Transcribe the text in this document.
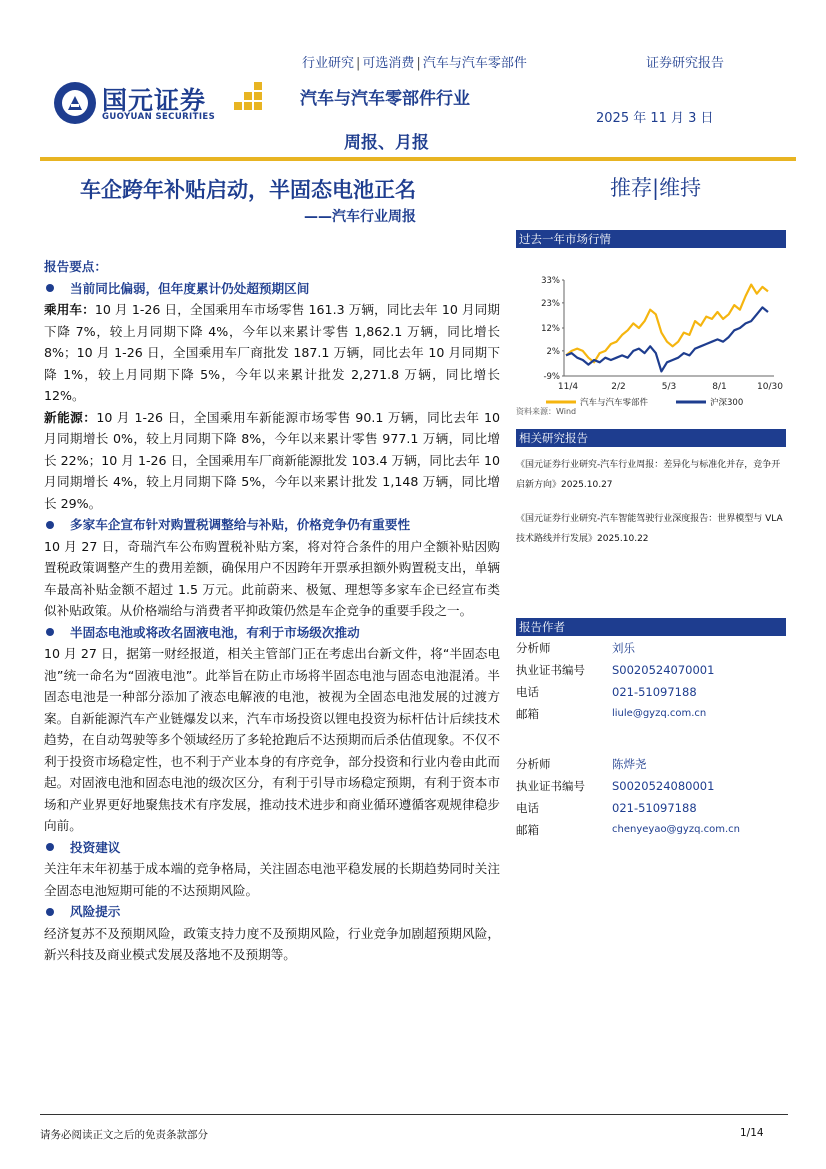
国元证券
GUOYUAN SECURITIES
行业研究 | 可选消费 | 汽车与汽车零部件	证券研究报告
汽车与汽车零部件行业
2025 年 11 月 3 日
周报、月报
车企跨年补贴启动，半固态电池正名
——汽车行业周报
推荐|维持

报告要点：

当前同比偏弱，但年度累计仍处超预期区间

乘用车：10 月 1-26 日，全国乘用车市场零售 161.3 万辆，同比去年 10 月同期下降 7%，较上月同期下降 4%，今年以来累计零售 1,862.1 万辆，同比增长 8%；10 月 1-26 日，全国乘用车厂商批发 187.1 万辆，同比去年 10 月同期下降 1%，较上月同期下降 5%，今年以来累计批发 2,271.8 万辆，同比增长 12%。

新能源：10 月 1-26 日，全国乘用车新能源市场零售 90.1 万辆，同比去年 10 月同期增长 0%，较上月同期下降 8%，今年以来累计零售 977.1 万辆，同比增长 22%；10 月 1-26 日，全国乘用车厂商新能源批发 103.4 万辆，同比去年 10 月同期增长 4%，较上月同期下降 5%，今年以来累计批发 1,148 万辆，同比增长 29%。

多家车企宣布针对购置税调整给与补贴，价格竞争仍有重要性

10 月 27 日，奇瑞汽车公布购置税补贴方案，将对符合条件的用户全额补贴因购置税政策调整产生的费用差额，确保用户不因跨年开票承担额外购置税支出，单辆车最高补贴金额不超过 1.5 万元。此前蔚来、极氪、理想等多家车企已经宣布类似补贴政策。从价格端给与消费者平抑政策仍然是车企竞争的重要手段之一。

半固态电池或将改名固液电池，有利于市场级次推动

10 月 27 日，据第一财经报道，相关主管部门正在考虑出台新文件，将“半固态电池”统一命名为“固液电池”。此举旨在防止市场将半固态电池与固态电池混淆。半固态电池是一种部分添加了液态电解液的电池，被视为全固态电池发展的过渡方案。自新能源汽车产业链爆发以来，汽车市场投资以锂电投资为标杆估计后续技术趋势，在自动驾驶等多个领域经历了多轮抢跑后不达预期而后杀估值现象。不仅不利于投资市场稳定性，也不利于产业本身的有序竞争，部分投资和行业内卷由此而起。对固液电池和固态电池的级次区分，有利于引导市场稳定预期，有利于资本市场和产业界更好地聚焦技术有序发展，推动技术进步和商业循环遵循客观规律稳步向前。

投资建议

关注年末年初基于成本端的竞争格局，关注固态电池平稳发展的长期趋势同时关注全固态电池短期可能的不达预期风险。

风险提示

经济复苏不及预期风险，政策支持力度不及预期风险，行业竞争加剧超预期风险，新兴科技及商业模式发展及落地不及预期等。

过去一年市场行情
33%
23%
12%
2%
-9%
11/4	2/2	5/3	8/1	10/30
汽车与汽车零部件	沪深300
资料来源：Wind
相关研究报告
《国元证券行业研究-汽车行业周报：差异化与标准化并存，竞争开启新方向》2025.10.27
《国元证券行业研究-汽车智能驾驶行业深度报告：世界模型与 VLA 技术路线并行发展》2025.10.22
报告作者
分析师	刘乐
执业证书编号	S0020524070001
电话	021-51097188
邮箱	liule@gyzq.com.cn
分析师	陈烨尧
执业证书编号	S0020524080001
电话	021-51097188
邮箱	chenyeyao@gyzq.com.cn
请务必阅读正文之后的免责条款部分	1/14
